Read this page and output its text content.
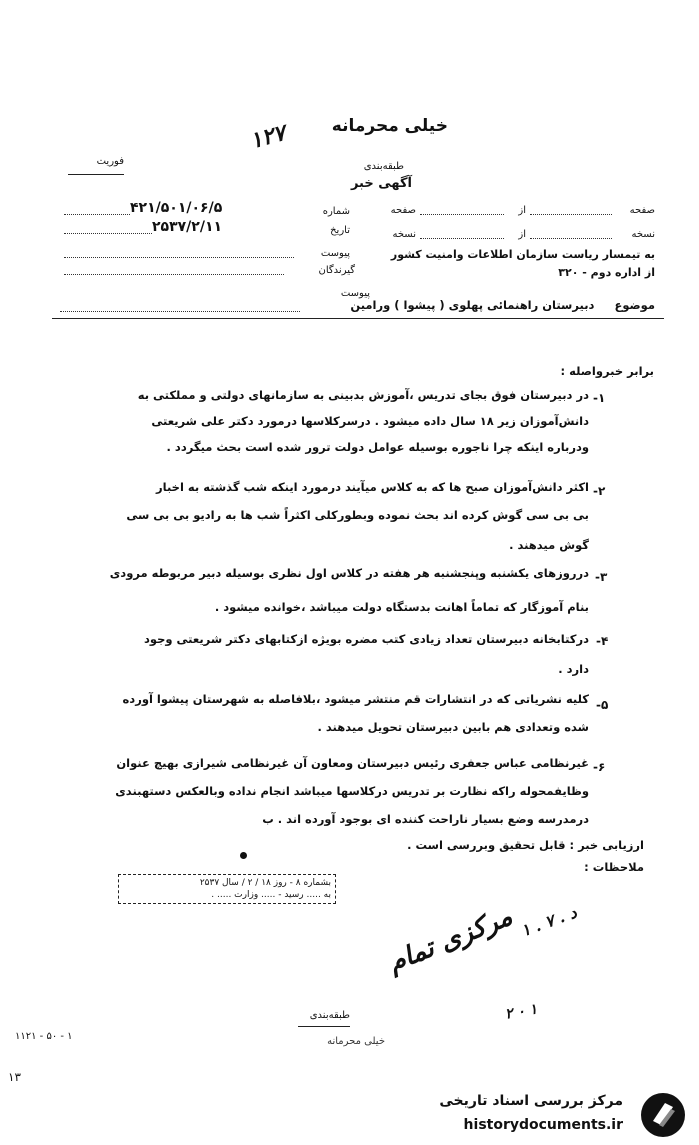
خیلی محرمانه
۱۲۷
طبقه‌بندی
آگهی خبر
فوریت
شماره
۴۲۱/۵۰۱/۰۶/۵
تاریخ
۲۵۳۷/۲/۱۱
پیوست
گیرندگان
صفحه
از
صفحه
نسخه
از
نسخه
به تیمسار ریاست سازمان اطلاعات وامنیت کشور
از اداره دوم - ۳۲۰
پیوست
موضوع     دبیرستان راهنمائی پهلوی ( پیشوا ) ورامین
برابر خبرواصله :
۱-
در دبیرستان فوق بجای تدریس ،آموزش بدبینی به سازمانهای دولتی و مملکتی به
دانش‌آموزان زیر ۱۸ سال داده میشود . درسرکلاسها درمورد دکتر علی شریعتی
ودرباره اینکه چرا ناجوره بوسیله عوامل دولت ترور شده است بحث میگردد .
۲-
اکثر دانش‌آموزان صبح ها که به کلاس میآیند درمورد اینکه شب گذشته به اخبار
بی بی سی گوش کرده اند بحث نموده وبطورکلی اکثراً شب ها به رادیو بی بی سی
گوش میدهند .
۳-
درروزهای یکشنبه وپنجشنبه هر هفته در کلاس اول نظری بوسیله دبیر مربوطه مرودی
بنام آموزگار که تماماً اهانت بدستگاه دولت میباشد ،خوانده میشود .
۴-
درکتابخانه دبیرستان تعداد زیادی کتب مضره بویژه ازکتابهای دکتر شریعتی وجود
دارد .
۵-
کلیه نشریاتی که در انتشارات قم منتشر میشود ،بلافاصله به شهرستان پیشوا آورده
شده وتعدادی هم بابین دبیرستان تحویل میدهند .
۶-
غیرنظامی عباس جعفری رئیس دبیرستان ومعاون آن غیرنظامی شیرازی بهیچ عنوان
وظایفمحوله راکه نظارت بر تدریس درکلاسها میباشد انجام نداده وبالعکس دستهبندی
درمدرسه وضع بسیار ناراحت کننده ای بوجود آورده اند . ب
ارزیابی خبر : قابل تحقیق وبررسی است .
ملاحظات :
بشماره ۸ - روز ۱۸ / ۲ / سال ۲۵۳۷
به ..... رسید - ..... وزارت ..... .
مرکزی تمام د . ۷ . ۱
۲ ۰ ۱
طبقه‌بندی
خیلی محرمانه
۱۱۲۱ - ۵۰ - ۱
۱۳
مرکز بررسی اسناد تاریخی
historydocuments.ir
